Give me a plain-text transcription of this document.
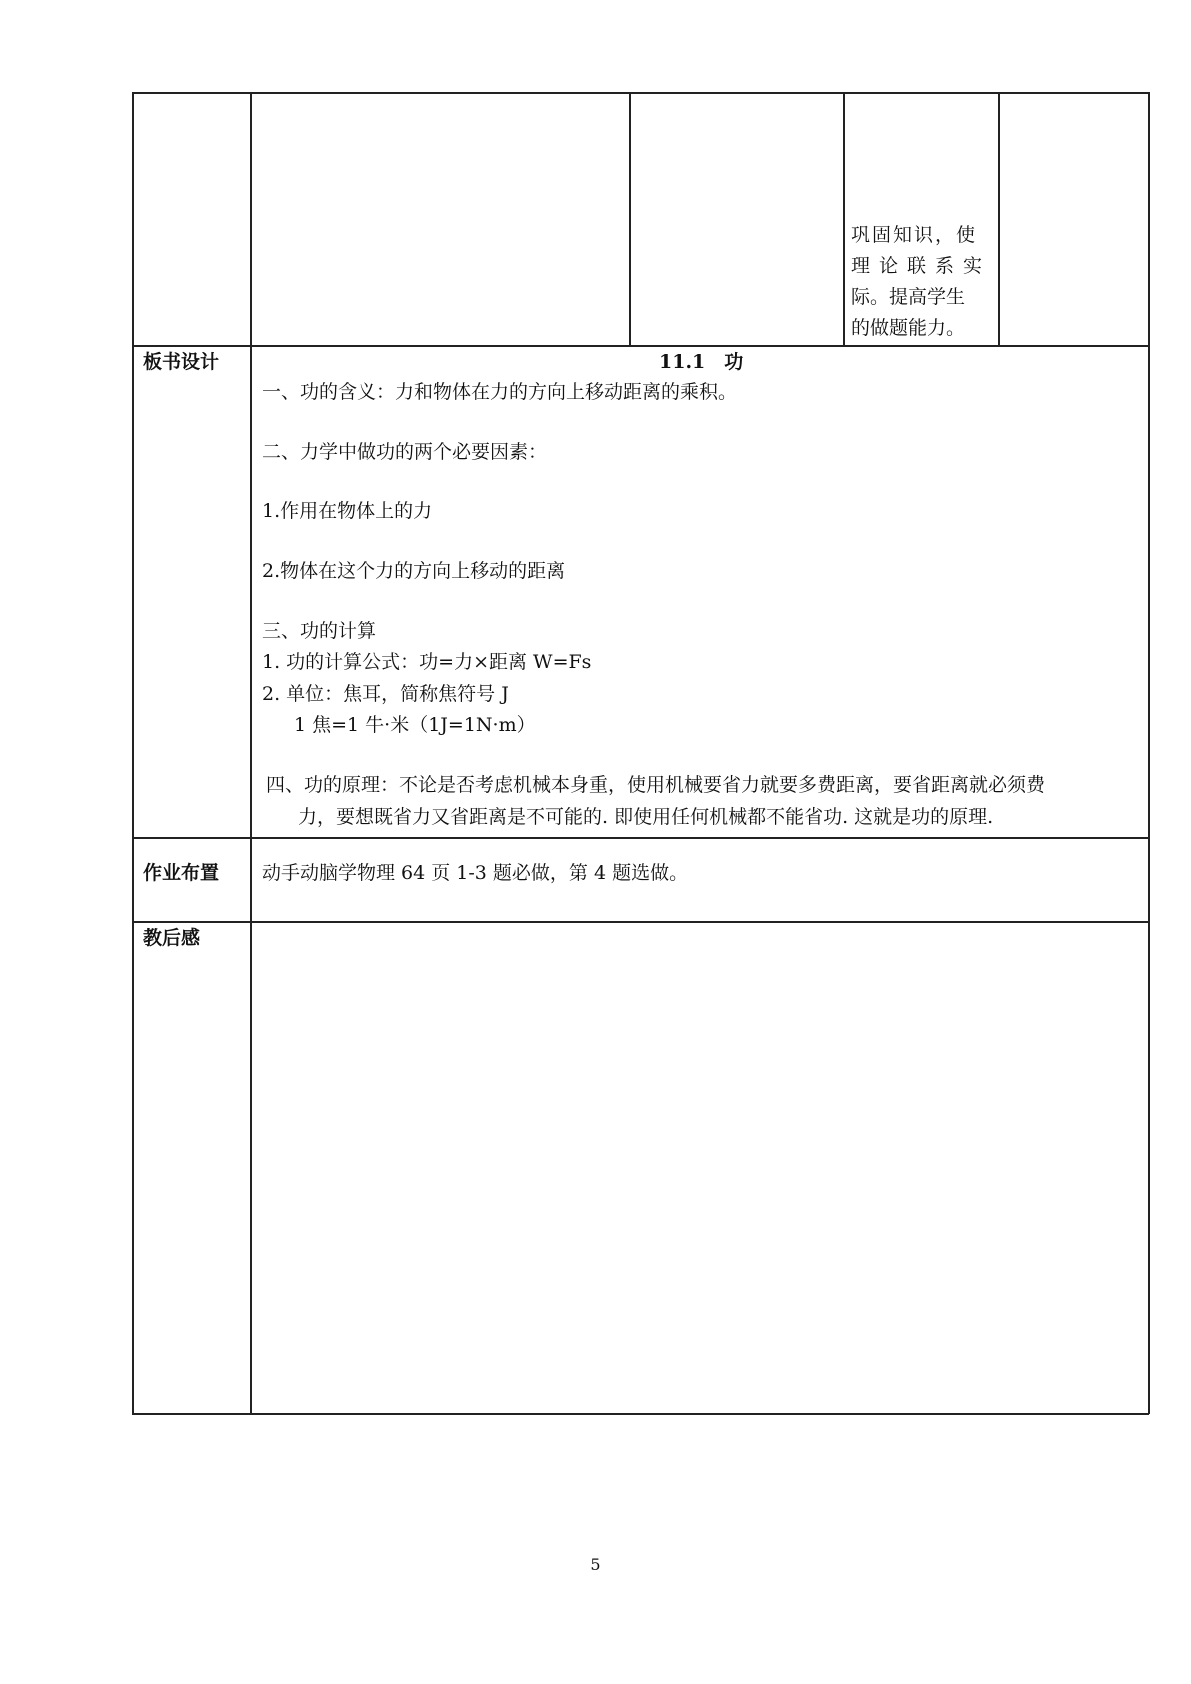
巩固知识，使
理论联系实
际。提高学生
的做题能力。
板书设计	11.1　功
一、功的含义：力和物体在力的方向上移动距离的乘积。
二、力学中做功的两个必要因素：
1.作用在物体上的力
2.物体在这个力的方向上移动的距离
三、功的计算
1. 功的计算公式：功=力×距离 W=Fs
2. 单位：焦耳，简称焦符号 J
1 焦=1 牛·米（1J=1N·m）
四、功的原理：不论是否考虑机械本身重，使用机械要省力就要多费距离，要省距离就必须费
力，要想既省力又省距离是不可能的. 即使用任何机械都不能省功. 这就是功的原理.
作业布置 动手动脑学物理 64 页 1-3 题必做，第 4 题选做。
教后感
5
